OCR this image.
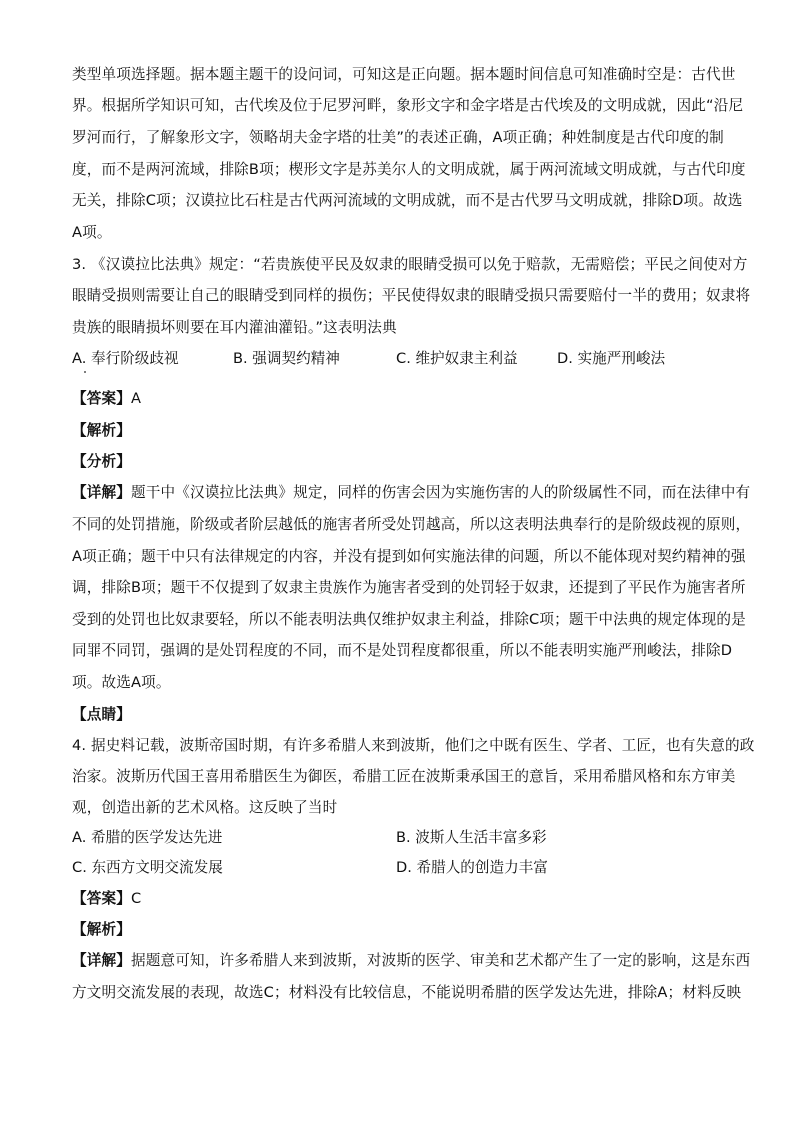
类型单项选择题。据本题主题干的设问词，可知这是正向题。据本题时间信息可知准确时空是：古代世
界。根据所学知识可知，古代埃及位于尼罗河畔，象形文字和金字塔是古代埃及的文明成就，因此“沿尼
罗河而行，了解象形文字，领略胡夫金字塔的壮美”的表述正确，A项正确；种姓制度是古代印度的制
度，而不是两河流域，排除B项；楔形文字是苏美尔人的文明成就，属于两河流域文明成就，与古代印度
无关，排除C项；汉谟拉比石柱是古代两河流域的文明成就，而不是古代罗马文明成就，排除D项。故选
A项。
3. 《汉谟拉比法典》规定：“若贵族使平民及奴隶的眼睛受损可以免于赔款，无需赔偿；平民之间使对方
眼睛受损则需要让自己的眼睛受到同样的损伤；平民使得奴隶的眼睛受损只需要赔付一半的费用；奴隶将
贵族的眼睛损坏则要在耳内灌油灌铅。”这表明法典
A. 奉行阶级歧视	B. 强调契约精神	C. 维护奴隶主利益	D. 实施严刑峻法
【答案】A
【解析】
【分析】
【详解】题干中《汉谟拉比法典》规定，同样的伤害会因为实施伤害的人的阶级属性不同，而在法律中有
不同的处罚措施，阶级或者阶层越低的施害者所受处罚越高，所以这表明法典奉行的是阶级歧视的原则，
A项正确；题干中只有法律规定的内容，并没有提到如何实施法律的问题，所以不能体现对契约精神的强
调，排除B项；题干不仅提到了奴隶主贵族作为施害者受到的处罚轻于奴隶，还提到了平民作为施害者所
受到的处罚也比奴隶要轻，所以不能表明法典仅维护奴隶主利益，排除C项；题干中法典的规定体现的是
同罪不同罚，强调的是处罚程度的不同，而不是处罚程度都很重，所以不能表明实施严刑峻法，排除D
项。故选A项。
【点睛】
4. 据史料记载，波斯帝国时期，有许多希腊人来到波斯，他们之中既有医生、学者、工匠，也有失意的政
治家。波斯历代国王喜用希腊医生为御医，希腊工匠在波斯秉承国王的意旨，采用希腊风格和东方审美
观，创造出新的艺术风格。这反映了当时
A. 希腊的医学发达先进	B. 波斯人生活丰富多彩
C. 东西方文明交流发展	D. 希腊人的创造力丰富
【答案】C
【解析】
【详解】据题意可知，许多希腊人来到波斯，对波斯的医学、审美和艺术都产生了一定的影响，这是东西
方文明交流发展的表现，故选C；材料没有比较信息，不能说明希腊的医学发达先进，排除A；材料反映
